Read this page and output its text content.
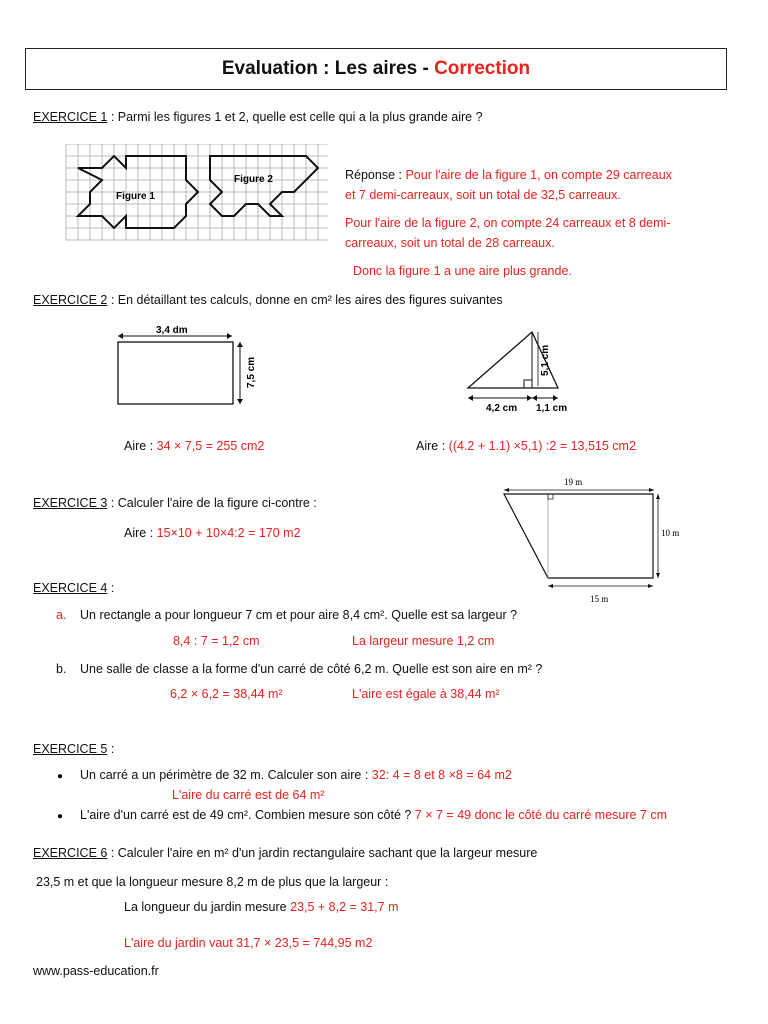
Evaluation : Les aires - Correction
EXERCICE 1 : Parmi les figures 1 et 2, quelle est celle qui a la plus grande aire ?
Figure 1
Figure 2	Réponse : Pour l'aire de la figure 1, on compte 29 carreaux
et 7 demi-carreaux, soit un total de 32,5 carreaux.
Pour l'aire de la figure 2, on compte 24 carreaux et 8 demi-
carreaux, soit un total de 28 carreaux.
Donc la figure 1 a une aire plus grande.
EXERCICE 2 : En détaillant tes calculs, donne en cm² les aires des figures suivantes
3,4 dm
7,5 cm	5,1 cm
4,2 cm 1,1 cm
Aire : 34 × 7,5 = 255 cm2	Aire : ((4.2 + 1.1) ×5,1) :2 = 13,515 cm2
EXERCICE 3 : Calculer l'aire de la figure ci-contre :
Aire : 15×10 + 10×4:2 = 170 m2
19 m
10 m
15 m
EXERCICE 4 :
a. Un rectangle a pour longueur 7 cm et pour aire 8,4 cm². Quelle est sa largeur ?
8,4 : 7 = 1,2 cm	La largeur mesure 1,2 cm
b. Une salle de classe a la forme d'un carré de côté 6,2 m. Quelle est son aire en m² ?
6,2 × 6,2 = 38,44 m²	L'aire est égale à 38,44 m²
EXERCICE 5 :
● Un carré a un périmètre de 32 m. Calculer son aire : 32: 4 = 8 et 8 ×8 = 64 m2
L'aire du carré est de 64 m²
● L'aire d'un carré est de 49 cm². Combien mesure son côté ? 7 × 7 = 49 donc le côté du carré mesure 7 cm
EXERCICE 6 : Calculer l'aire en m² d'un jardin rectangulaire sachant que la largeur mesure
23,5 m et que la longueur mesure 8,2 m de plus que la largeur :
La longueur du jardin mesure 23,5 + 8,2 = 31,7 m
L'aire du jardin vaut 31,7 × 23,5 = 744,95 m2
www.pass-education.fr
